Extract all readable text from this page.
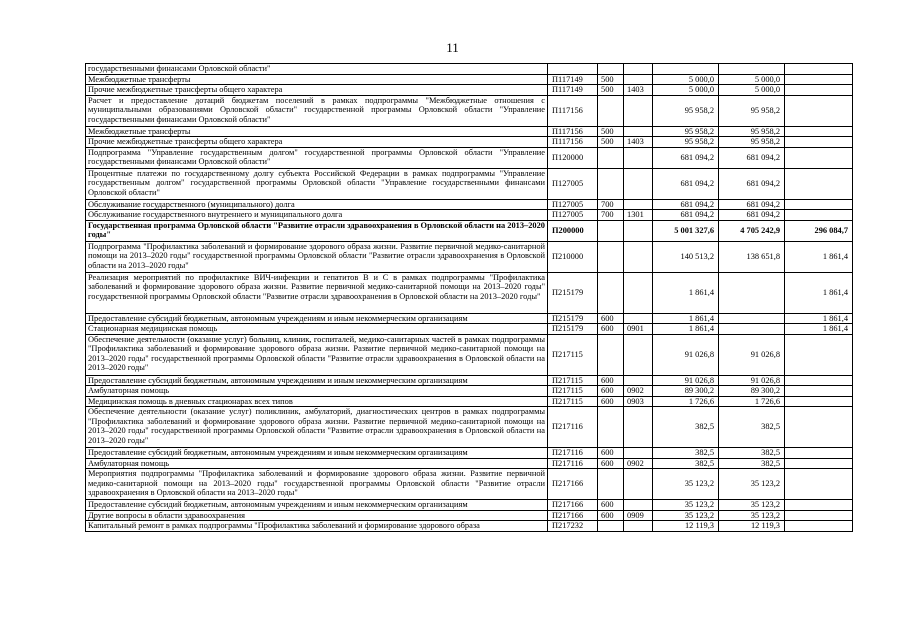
11
государственными финансами Орловской области"						
Межбюджетные трансферты	П117149	500		5 000,0	5 000,0	
Прочие межбюджетные трансферты общего характера	П117149	500	1403	5 000,0	5 000,0	
Расчет и предоставление дотаций бюджетам поселений в рамках подпрограммы "Межбюджетные отношения с муниципальными образованиями Орловской области" государственной программы Орловской области "Управление государственными финансами Орловской области"	П117156			95 958,2	95 958,2	
Межбюджетные трансферты	П117156	500		95 958,2	95 958,2	
Прочие межбюджетные трансферты общего характера	П117156	500	1403	95 958,2	95 958,2	
Подпрограмма "Управление государственным долгом" государственной программы Орловской области "Управление государственными финансами Орловской области"	П120000			681 094,2	681 094,2	
Процентные платежи по государственному долгу субъекта Российской Федерации в рамках подпрограммы "Управление государственным долгом" государственной программы Орловской области "Управление государственными финансами Орловской области"	П127005			681 094,2	681 094,2	
Обслуживание государственного (муниципального) долга	П127005	700		681 094,2	681 094,2	
Обслуживание государственного внутреннего и муниципального долга	П127005	700	1301	681 094,2	681 094,2	
Государственная программа Орловской области "Развитие отрасли здравоохранения в Орловской области на 2013–2020 годы"	П200000			5 001 327,6	4 705 242,9	296 084,7
Подпрограмма "Профилактика заболеваний и формирование здорового образа жизни. Развитие первичной медико-санитарной помощи на 2013–2020 годы" государственной программы Орловской области "Развитие отрасли здравоохранения в Орловской области на 2013–2020 годы"	П210000			140 513,2	138 651,8	1 861,4
Реализация мероприятий по профилактике ВИЧ-инфекции и гепатитов В и С в рамках подпрограммы "Профилактика заболеваний и формирование здорового образа жизни. Развитие первичной медико-санитарной помощи на 2013–2020 годы" государственной программы Орловской области "Развитие отрасли здравоохранения в Орловской области на 2013–2020 годы"	П215179			1 861,4		1 861,4
Предоставление субсидий бюджетным, автономным учреждениям и иным некоммерческим организациям	П215179	600		1 861,4		1 861,4
Стационарная медицинская помощь	П215179	600	0901	1 861,4		1 861,4
Обеспечение деятельности (оказание услуг) больниц, клиник, госпиталей, медико-санитарных частей в рамках подпрограммы "Профилактика заболеваний и формирование здорового образа жизни. Развитие первичной медико-санитарной помощи на 2013–2020 годы" государственной программы Орловской области "Развитие отрасли здравоохранения в Орловской области на 2013–2020 годы"	П217115			91 026,8	91 026,8	
Предоставление субсидий бюджетным, автономным учреждениям и иным некоммерческим организациям	П217115	600		91 026,8	91 026,8	
Амбулаторная помощь	П217115	600	0902	89 300,2	89 300,2	
Медицинская помощь в дневных стационарах всех типов	П217115	600	0903	1 726,6	1 726,6	
Обеспечение деятельности (оказание услуг) поликлиник, амбулаторий, диагностических центров в рамках подпрограммы "Профилактика заболеваний и формирование здорового образа жизни. Развитие первичной медико-санитарной помощи на 2013–2020 годы" государственной программы Орловской области "Развитие отрасли здравоохранения в Орловской области на 2013–2020 годы"	П217116			382,5	382,5	
Предоставление субсидий бюджетным, автономным учреждениям и иным некоммерческим организациям	П217116	600		382,5	382,5	
Амбулаторная помощь	П217116	600	0902	382,5	382,5	
Мероприятия подпрограммы "Профилактика заболеваний и формирование здорового образа жизни. Развитие первичной медико-санитарной помощи на 2013–2020 годы" государственной программы Орловской области "Развитие отрасли здравоохранения в Орловской области на 2013–2020 годы"	П217166			35 123,2	35 123,2	
Предоставление субсидий бюджетным, автономным учреждениям и иным некоммерческим организациям	П217166	600		35 123,2	35 123,2	
Другие вопросы в области здравоохранения	П217166	600	0909	35 123,2	35 123,2	
Капитальный ремонт в рамках подпрограммы "Профилактика заболеваний и формирование здорового образа	П217232			12 119,3	12 119,3	
